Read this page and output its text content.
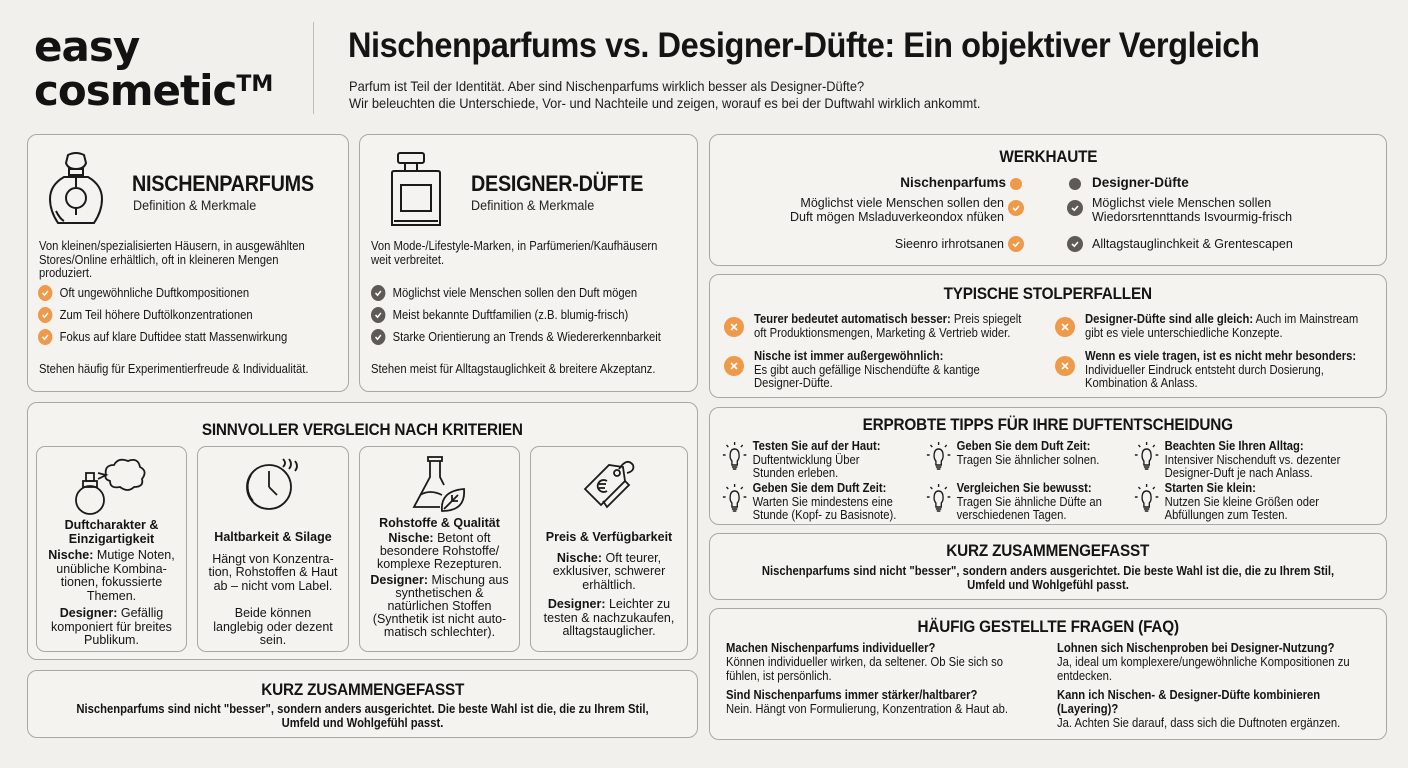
easy
cosmetic™
Nischenparfums vs. Designer-Düfte: Ein objektiver Vergleich
Parfum ist Teil der Identität. Aber sind Nischenparfums wirklich besser als Designer-Düfte?
Wir beleuchten die Unterschiede, Vor- und Nachteile und zeigen, worauf es bei der Duftwahl wirklich ankommt.
NISCHENPARFUMS
Definition & Merkmale
Von kleinen/spezialisierten Häusern, in ausgewählten
Stores/Online erhältlich, oft in kleineren Mengen
produziert.
Oft ungewöhnliche Duftkompositionen
Zum Teil höhere Duftölkonzentrationen
Fokus auf klare Duftidee statt Massenwirkung
Stehen häufig für Experimentierfreude & Individualität.
DESIGNER-DÜFTE
Definition & Merkmale
Von Mode-/Lifestyle-Marken, in Parfümerien/Kaufhäusern
weit verbreitet.
Möglichst viele Menschen sollen den Duft mögen
Meist bekannte Duftfamilien (z.B. blumig-frisch)
Starke Orientierung an Trends & Wiedererkennbarkeit
Stehen meist für Alltagstauglichkeit & breitere Akzeptanz.
SINNVOLLER VERGLEICH NACH KRITERIEN
Duftcharakter &
Einzigartigkeit

Nische: Mutige Noten, unübliche Kombina-tionen, fokussierte Themen.

Designer: Gefällig komponiert für breites Publikum.

Haltbarkeit & Silage

Hängt von Konzentra-tion, Rohstoffen & Haut ab – nicht vom Label.

Beide können langlebig oder dezent sein.

Rohstoffe & Qualität

Nische: Betont oft besondere Rohstoffe/ komplexe Rezepturen.

Designer: Mischung aus synthetischen & natürlichen Stoffen (Synthetik ist nicht auto-matisch schlechter).

Preis & Verfügbarkeit

Nische: Oft teurer, exklusiver, schwerer erhältlich.

Designer: Leichter zu testen & nachzukaufen, alltagstauglicher.

KURZ ZUSAMMENGEFASST
Nischenparfums sind nicht "besser", sondern anders ausgerichtet. Die beste Wahl ist die, die zu Ihrem Stil,
Umfeld und Wohlgefühl passt.
WERKHAUTE
Nischenparfums	Designer-Düfte
Möglichst viele Menschen sollen den
Duft mögen Msladuverkeondox nfüken
Möglichst viele Menschen sollen
Wiedorsrtennttands Isvourmig-frisch
Sieenro irhrotsanen	Alltagstauglinchkeit & Grentescapen
TYPISCHE STOLPERFALLEN
Teurer bedeutet automatisch besser: Preis spiegelt
oft Produktionsmengen, Marketing & Vertrieb wider.
Designer-Düfte sind alle gleich: Auch im Mainstream
gibt es viele unterschiedliche Konzepte.
Nische ist immer außergewöhnlich:
Es gibt auch gefällige Nischendüfte & kantige
Designer-Düfte.
Wenn es viele tragen, ist es nicht mehr besonders:
Individueller Eindruck entsteht durch Dosierung,
Kombination & Anlass.
ERPROBTE TIPPS FÜR IHRE DUFTENTSCHEIDUNG
Testen Sie auf der Haut:
Duftentwicklung Über
Stunden erleben.
Geben Sie dem Duft Zeit:
Tragen Sie ähnlicher solnen.
Beachten Sie Ihren Alltag:
Intensiver Nischenduft vs. dezenter
Designer-Duft je nach Anlass.
Geben Sie dem Duft Zeit:
Warten Sie mindestens eine
Stunde (Kopf- zu Basisnote).
Vergleichen Sie bewusst:
Tragen Sie ähnliche Düfte an
verschiedenen Tagen.
Starten Sie klein:
Nutzen Sie kleine Größen oder
Abfüllungen zum Testen.
KURZ ZUSAMMENGEFASST
Nischenparfums sind nicht "besser", sondern anders ausgerichtet. Die beste Wahl ist die, die zu Ihrem Stil,
Umfeld und Wohlgefühl passt.
HÄUFIG GESTELLTE FRAGEN (FAQ)
Machen Nischenparfums individueller?
Können individueller wirken, da seltener. Ob Sie sich so
fühlen, ist persönlich.
Lohnen sich Nischenproben bei Designer-Nutzung?
Ja, ideal um komplexere/ungewöhnliche Kompositionen zu
entdecken.
Sind Nischenparfums immer stärker/haltbarer?
Nein. Hängt von Formulierung, Konzentration & Haut ab.
Kann ich Nischen- & Designer-Düfte kombinieren
(Layering)?
Ja. Achten Sie darauf, dass sich die Duftnoten ergänzen.
